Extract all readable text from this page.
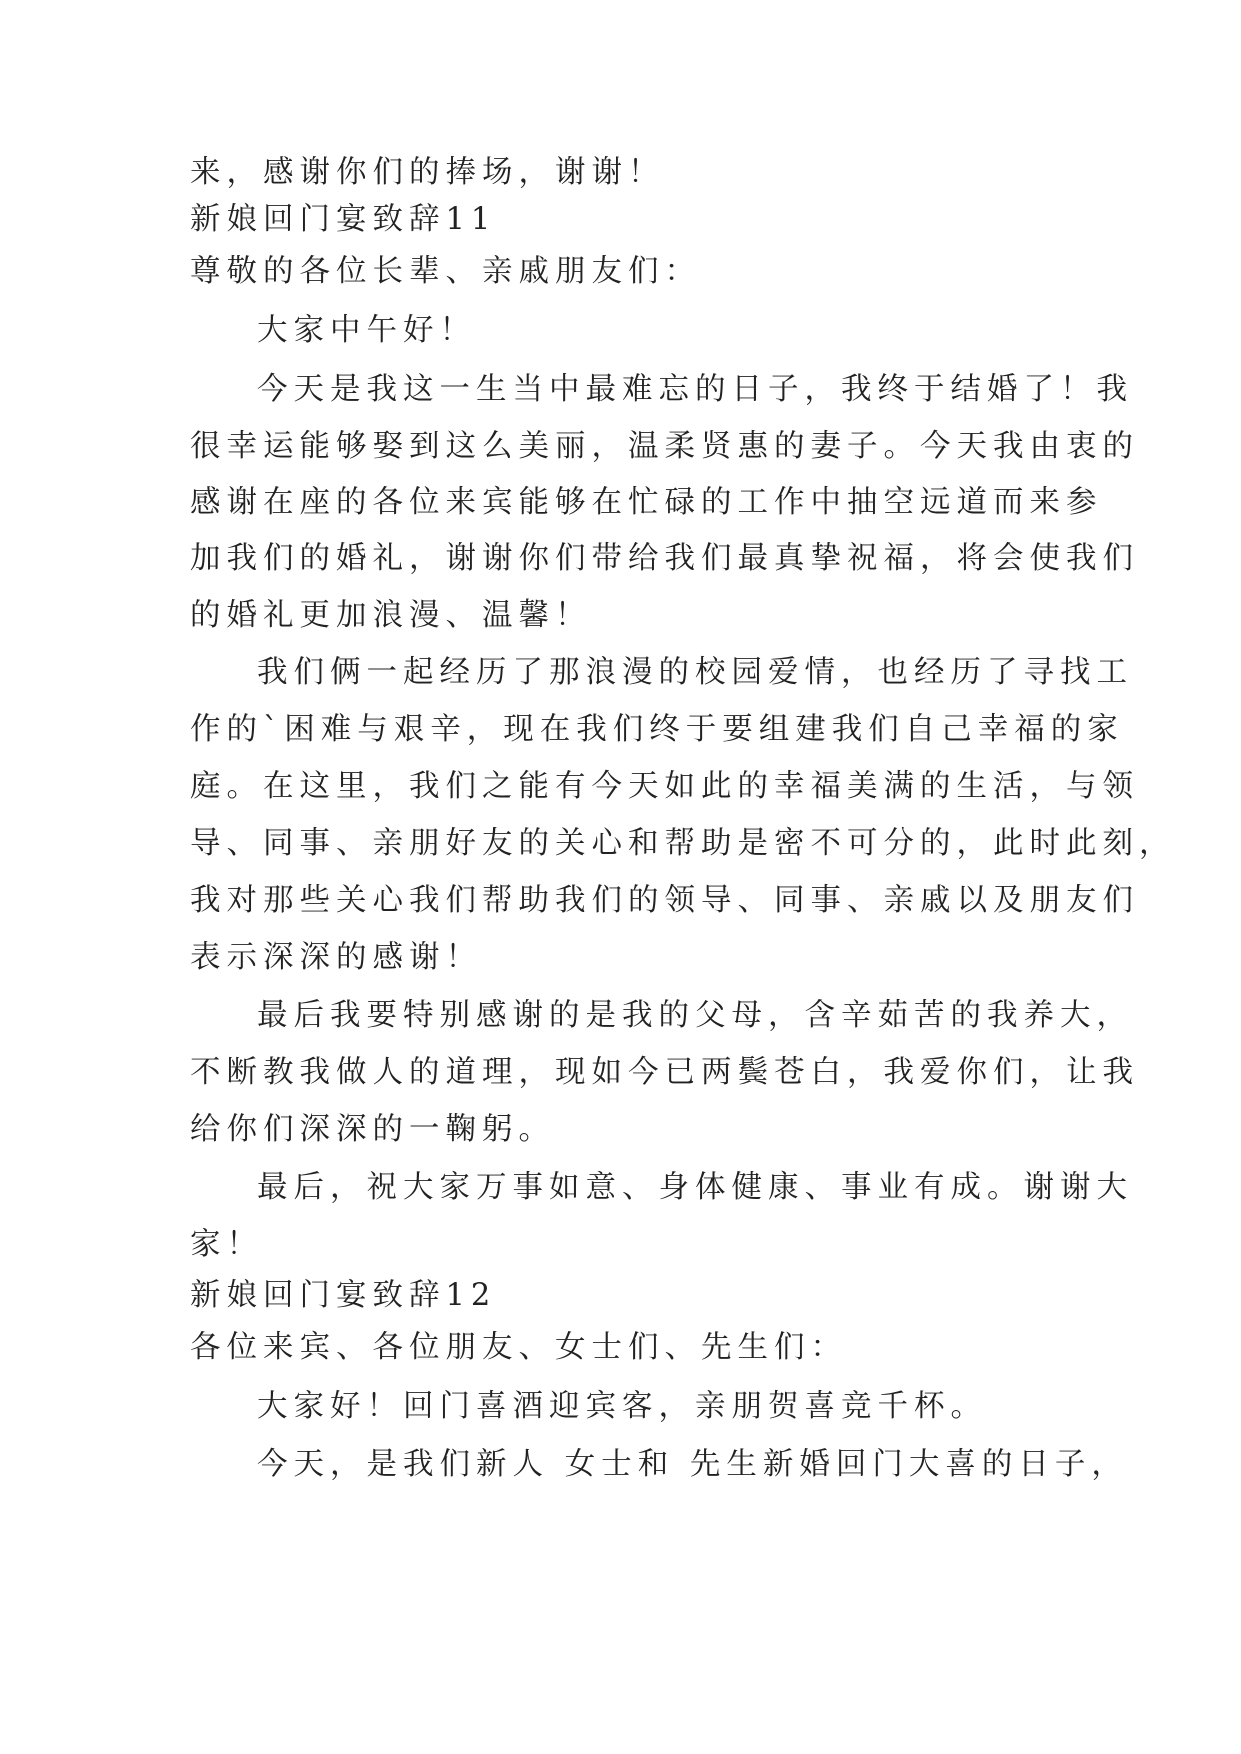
来，感谢你们的捧场，谢谢！

新娘回门宴致辞11

尊敬的各位长辈、亲戚朋友们：

大家中午好！

今天是我这一生当中最难忘的日子，我终于结婚了！我

很幸运能够娶到这么美丽，温柔贤惠的妻子。今天我由衷的

感谢在座的各位来宾能够在忙碌的工作中抽空远道而来参

加我们的婚礼，谢谢你们带给我们最真挚祝福，将会使我们

的婚礼更加浪漫、温馨！

我们俩一起经历了那浪漫的校园爱情，也经历了寻找工

作的`困难与艰辛，现在我们终于要组建我们自己幸福的家

庭。在这里，我们之能有今天如此的幸福美满的生活，与领

导、同事、亲朋好友的关心和帮助是密不可分的，此时此刻，

我对那些关心我们帮助我们的领导、同事、亲戚以及朋友们

表示深深的感谢！

最后我要特别感谢的是我的父母，含辛茹苦的我养大，

不断教我做人的道理，现如今已两鬓苍白，我爱你们，让我

给你们深深的一鞠躬。

最后，祝大家万事如意、身体健康、事业有成。谢谢大

家！

新娘回门宴致辞12

各位来宾、各位朋友、女士们、先生们：

大家好！回门喜酒迎宾客，亲朋贺喜竞千杯。

今天，是我们新人 女士和 先生新婚回门大喜的日子，
